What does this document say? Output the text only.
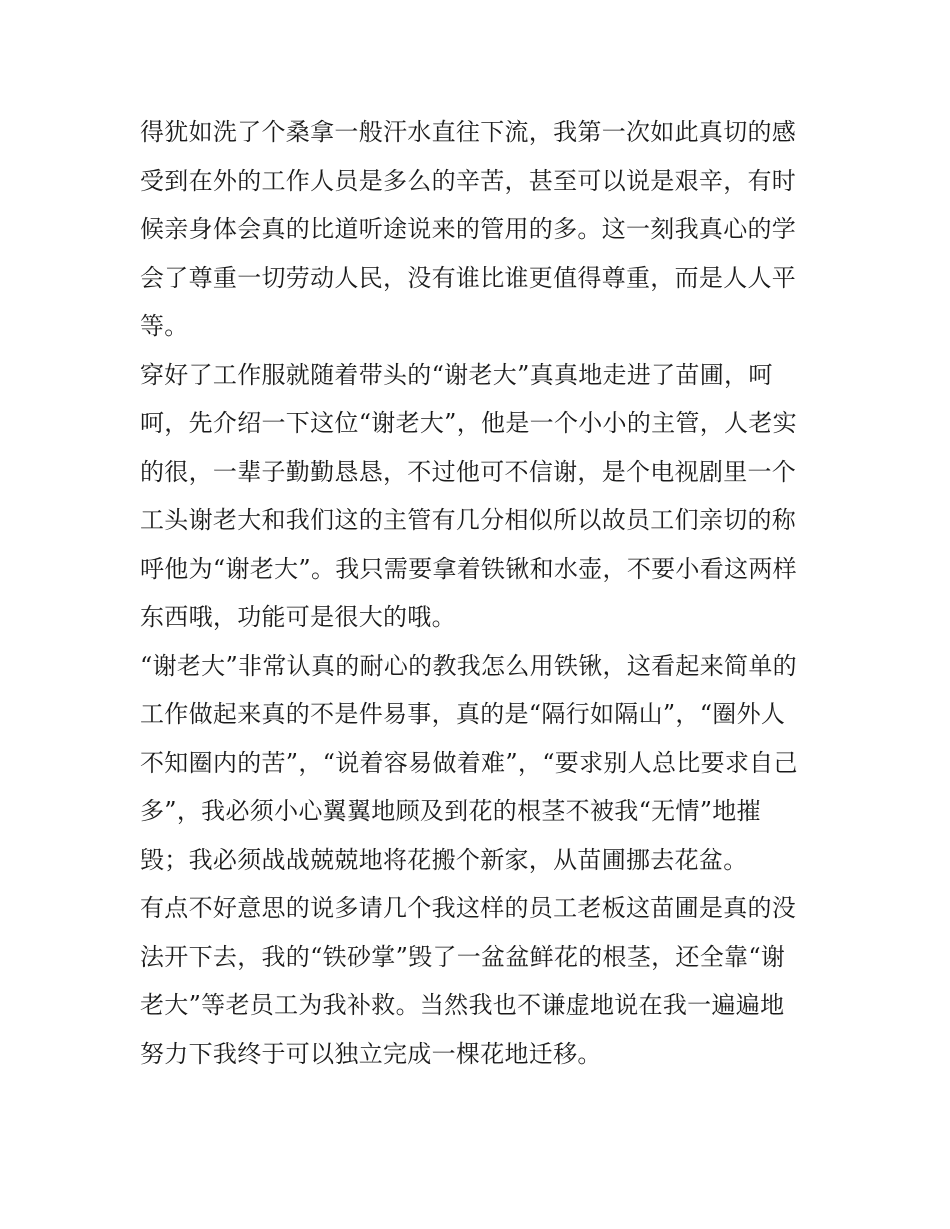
得犹如洗了个桑拿一般汗水直往下流，我第一次如此真切的感
受到在外的工作人员是多么的辛苦，甚至可以说是艰辛，有时
候亲身体会真的比道听途说来的管用的多。这一刻我真心的学
会了尊重一切劳动人民，没有谁比谁更值得尊重，而是人人平
等。
穿好了工作服就随着带头的“谢老大”真真地走进了苗圃，呵
呵，先介绍一下这位“谢老大”，他是一个小小的主管，人老实
的很，一辈子勤勤恳恳，不过他可不信谢，是个电视剧里一个
工头谢老大和我们这的主管有几分相似所以故员工们亲切的称
呼他为“谢老大”。我只需要拿着铁锹和水壶，不要小看这两样
东西哦，功能可是很大的哦。
“谢老大”非常认真的耐心的教我怎么用铁锹，这看起来简单的
工作做起来真的不是件易事，真的是“隔行如隔山”，“圈外人
不知圈内的苦”，“说着容易做着难”，“要求别人总比要求自己
多”，我必须小心翼翼地顾及到花的根茎不被我“无情”地摧
毁；我必须战战兢兢地将花搬个新家，从苗圃挪去花盆。
有点不好意思的说多请几个我这样的员工老板这苗圃是真的没
法开下去，我的“铁砂掌”毁了一盆盆鲜花的根茎，还全靠“谢
老大”等老员工为我补救。当然我也不谦虚地说在我一遍遍地
努力下我终于可以独立完成一棵花地迁移。
